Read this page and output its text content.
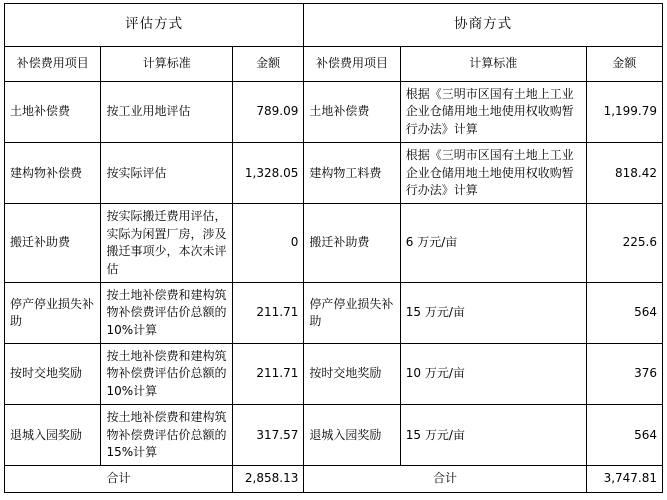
评估方式			协商方式		
补偿费用项目	计算标准	金额	补偿费用项目	计算标准	金额
土地补偿费	按工业用地评估	789.09	土地补偿费	根据《三明市区国有土地上工业企业仓储用地土地使用权收购暂行办法》计算	1,199.79
建构物补偿费	按实际评估	1,328.05	建构物工料费	根据《三明市区国有土地上工业企业仓储用地土地使用权收购暂行办法》计算	818.42
搬迁补助费	按实际搬迁费用评估，实际为闲置厂房，涉及搬迁事项少，本次未评估	0	搬迁补助费	6 万元/亩	225.6
停产停业损失补助	按土地补偿费和建构筑物补偿费评估价总额的 10%计算	211.71	停产停业损失补助	15 万元/亩	564
按时交地奖励	按土地补偿费和建构筑物补偿费评估价总额的 10%计算	211.71	按时交地奖励	10 万元/亩	376
退城入园奖励	按土地补偿费和建构筑物补偿费评估价总额的 15%计算	317.57	退城入园奖励	15 万元/亩	564
合计		2,858.13	合计		3,747.81
